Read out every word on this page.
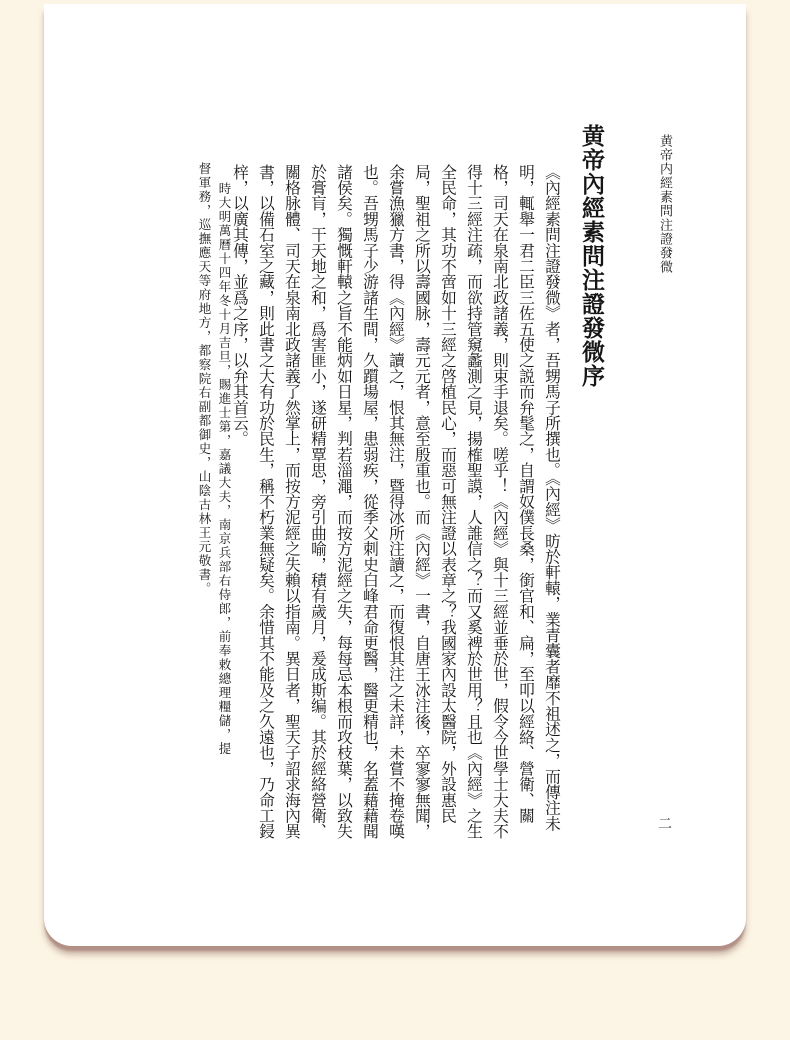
黄帝内經素問注證發微
二
黄帝內經素問注證發微序
《內經素問注證發微》者，吾甥馬子所撰也。《內經》昉於軒轅，業青囊者靡不祖述之，而傳注未明，輒舉一君二臣三佐五使之説而弁髦之，自謂奴僕長桑，銜官和、扁，至叩以經絡、營衛、關格，司天在泉南北政諸義，則束手退矣。嗟乎！《內經》與十三經並垂於世，假令今世學士大夫不得十三經注疏，而欲持管窺蠡測之見，揚榷聖謨，人誰信之？而又奚裨於世用？且也《內經》之生全民命，其功不啻如十三經之啓植民心，而惡可無注證以表章之？我國家內設太醫院，外設惠民局，聖祖之所以壽國脉，壽元元者，意至殷重也。而《內經》一書，自唐王冰注後，卒寥寥無聞，余嘗漁獵方書，得《內經》讀之，恨其無注，暨得冰所注讀之，而復恨其注之未詳，未嘗不掩卷嘆也。吾甥馬子少游諸生間，久躓場屋，患弱疾，從季父刺史白峰君命更醫，醫更精也，名蓋藉藉聞諸侯矣。獨慨軒轅之旨不能炳如日星，判若淄澠，而按方泥經之失，每每忌本根而攻枝葉，以致失於膏肓，干天地之和，爲害匪小，遂研精覃思，旁引曲喻，積有歲月，爰成斯编。其於經絡營衛、關格脉體、司天在泉南北政諸義了然掌上，而按方泥經之失賴以指南。異日者，聖天子詔求海內異書，以備石室之藏，則此書之大有功於民生，稱不朽業無疑矣。余惜其不能及之久遠也，乃命工鋟梓，以廣其傳，並爲之序，以弁其首云。
時大明萬曆十四年冬十月吉旦，賜進士第，嘉議大夫，南京兵部右侍郎，前奉敕總理糧儲，提
督軍務，巡撫應天等府地方，都察院右副都御史，山陰古林王元敬書。
